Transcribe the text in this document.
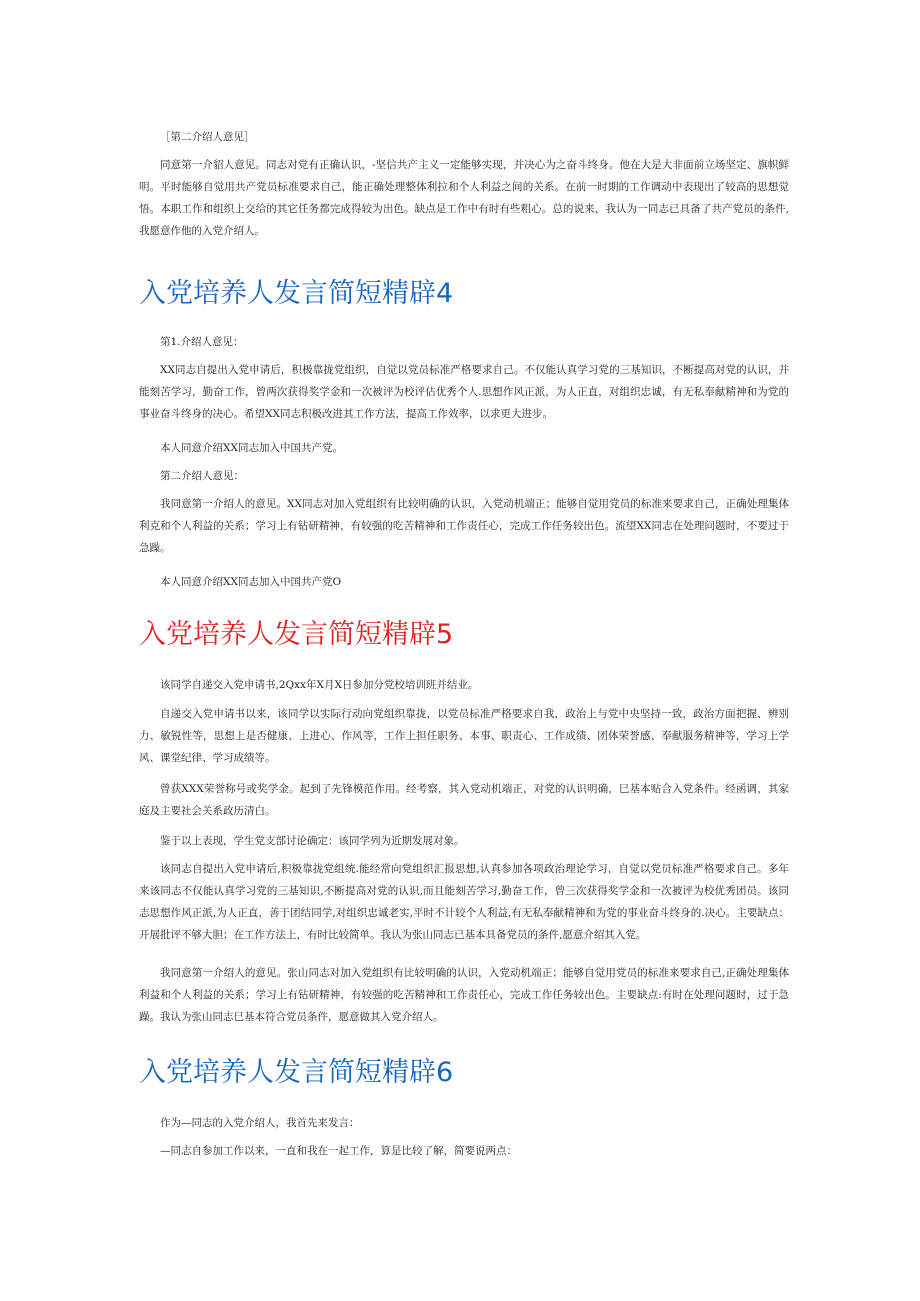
［第二介绍人意见］

同意第一介貂人意见。同志对党有正确认识，-坚信共产主义一定能够实现，并决心为之奋斗终身。他在大是大非面前立场坚定、旗帜鲜明。平时能够自觉用共产党员标准要求自己，能正确处理整体利拉和个人利益之间的关系。在前一时期的工作调动中表现出了较高的思想觉悟。本职工作和组织上交给的其它任务都完成得较为出色。缺点是工作中有时有些粗心。总的说来，我认为一同志已具备了共产党员的条件,我愿意作他的入党介绍人。

入党培养人发言简短精辟4

第1.介绍人意见：

XX同志自提出入党申请后，积极靠拢党组织，自觉以党员标准严格要求自己。不仅能认真学习党的三基知识，不断提高对党的认识，并能刻苦学习，勤奋工作，曾两次获得奖学金和一次被评为校评估优秀个人.思想作风正派，为人正直，对组织忠诚，有无私奉献精神和为党的事业奋斗终身的决心。希望XX同志积极改进其工作方法，提高工作效率，以求更大进步。

本人同意介绍XX同志加入中国共产党。

第二介绍人意见：

我同意第一介绍人的意见。XX同志对加入党组织有比较明确的认识，入党动机端正；能够自觉用党员的标准来要求自己，正确处理集体利克和个人利益的关系；学习上有钻研精神，有较强的吃苦精神和工作责任心，完成工作任务较出色。流望XX同志在处理问题时，不要过于急躁。

本人同意介绍XX同志加入中国共产党O

入党培养人发言简短精辟5

该同学自递交入党申请书,2Qxx年X月X日参加分党校培训班并结业。

自递交入党申请书以来，该同学以实际行动向党组织靠拢，以党员标准严格要求自我，政治上与党中央坚持一致，政治方面把握、辨别力、敏锐性等，思想上是否健康、上进心、作风等，工作上担任职务、本事、职责心、工作成绩、团体荣誉感、奉献服务精神等，学习上学风、课堂纪律、学习成绩等。

曾获XXX荣誉称号或奖学金。起到了先锋模范作用。经考察，其入党动机端正，对党的认识明确，巳基本贴合入党条件。经函调，其家庭及主要社会关系政历清白。

鉴于以上表现，学生党支部讨论确定：该同学列为近期发展对象。

该同志自提出入党申请后,积极靠拢党组统.能经常向党组织汇报思想,认真参加各项政治理论学习，自觉以党员标准严格要求自己。多年来该同志不仅能认真学习党的三基知识,不断提高对党的认识,而且能刻苦学习,勤奋工作，曾三次获得奖学金和一次被评为校优秀团员。该同志思想作风正派,为人正直，善于团结同学,对组织忠诚老实,平时不计较个人利益,有无私奉献精神和为党的事业奋斗终身的.决心。主要缺点：开展批评不够大胆；在工作方法上，有时比较简单。我认为张山同志已基本具备党员的条件,愿意介绍其入党。

我同意第一介绍人的意见。张山同志对加入党组织有比较明确的认识，入党动机端正；能够自觉用党员的标准来要求自己,正确处理集体利益和个人利益的关系；学习上有钻研精神，有较强的吃苦精神和工作责任心，完成工作任务较出色。主要缺点:有时在处理问题时，过于急躁。我认为张山同志巳基本符合党员条件，愿意做其入党介绍人。

入党培养人发言简短精辟6

作为—同志的入党介绍人，我首先来发言：

—同志自参加工作以来，一直和我在一起工作，算是比较了解，简要说两点：
